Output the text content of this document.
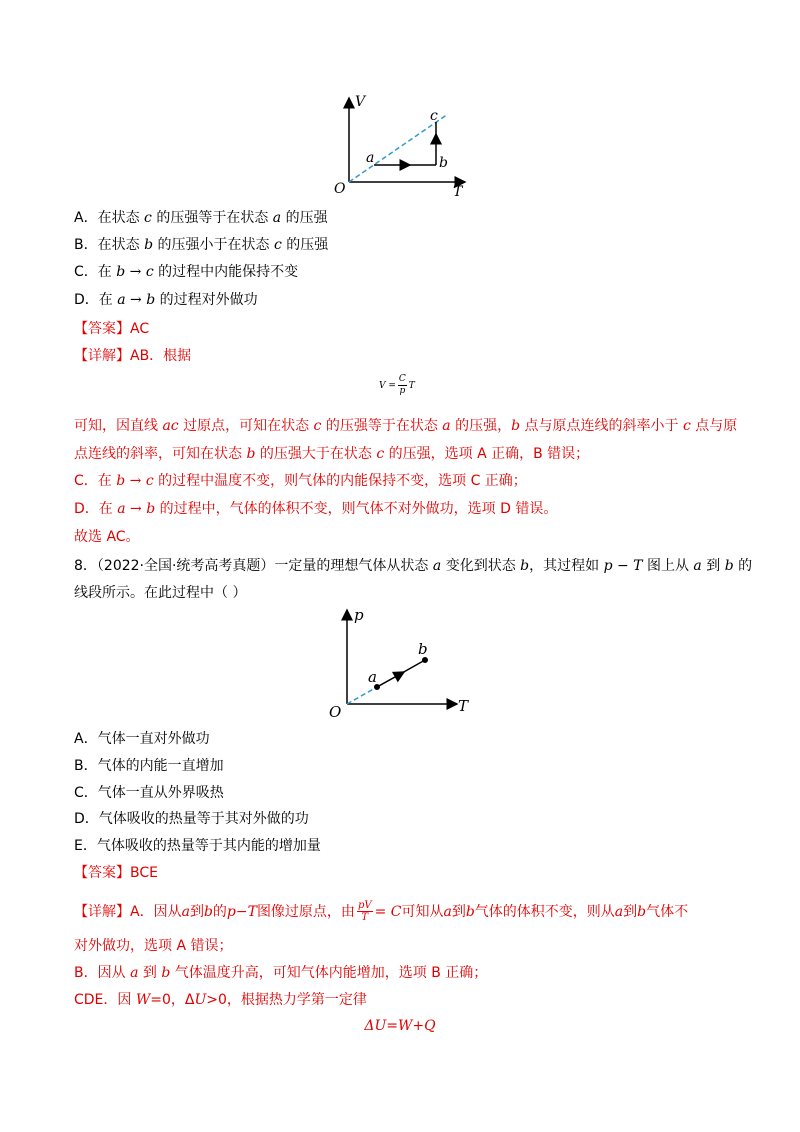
V
T
O
a	b
c
A．在状态 c 的压强等于在状态 a 的压强
B．在状态 b 的压强小于在状态 c 的压强
C．在 b → c 的过程中内能保持不变
D．在 a → b 的过程对外做功
【答案】AC
【详解】AB．根据
$V = \frac{C}{p}$ T
可知，因直线 ac 过原点，可知在状态 c 的压强等于在状态 a 的压强，b 点与原点连线的斜率小于 c 点与原
点连线的斜率，可知在状态 b 的压强大于在状态 c 的压强，选项 A 正确，B 错误；
C．在 b → c 的过程中温度不变，则气体的内能保持不变，选项 C 正确；
D．在 a → b 的过程中，气体的体积不变，则气体不对外做功，选项 D 错误。
故选 AC。
8．（2022·全国·统考高考真题）一定量的理想气体从状态 a 变化到状态 b，其过程如 p − T 图上从 a 到 b 的
线段所示。在此过程中（ ）
p
T
O
a
b
A．气体一直对外做功
B．气体的内能一直增加
C．气体一直从外界吸热
D．气体吸收的热量等于其对外做的功
E．气体吸收的热量等于其内能的增加量
【答案】BCE
【详解】A．因从 a 到 b 的 p−T 图像过原点，由 $\frac{pV}{T} = C$ 可知从 a 到 b 气体的体积不变，则从 a 到 b 气体不
对外做功，选项 A 错误；
B．因从 a 到 b 气体温度升高，可知气体内能增加，选项 B 正确；
CDE．因 W=0，ΔU>0，根据热力学第一定律
ΔU=W+Q
